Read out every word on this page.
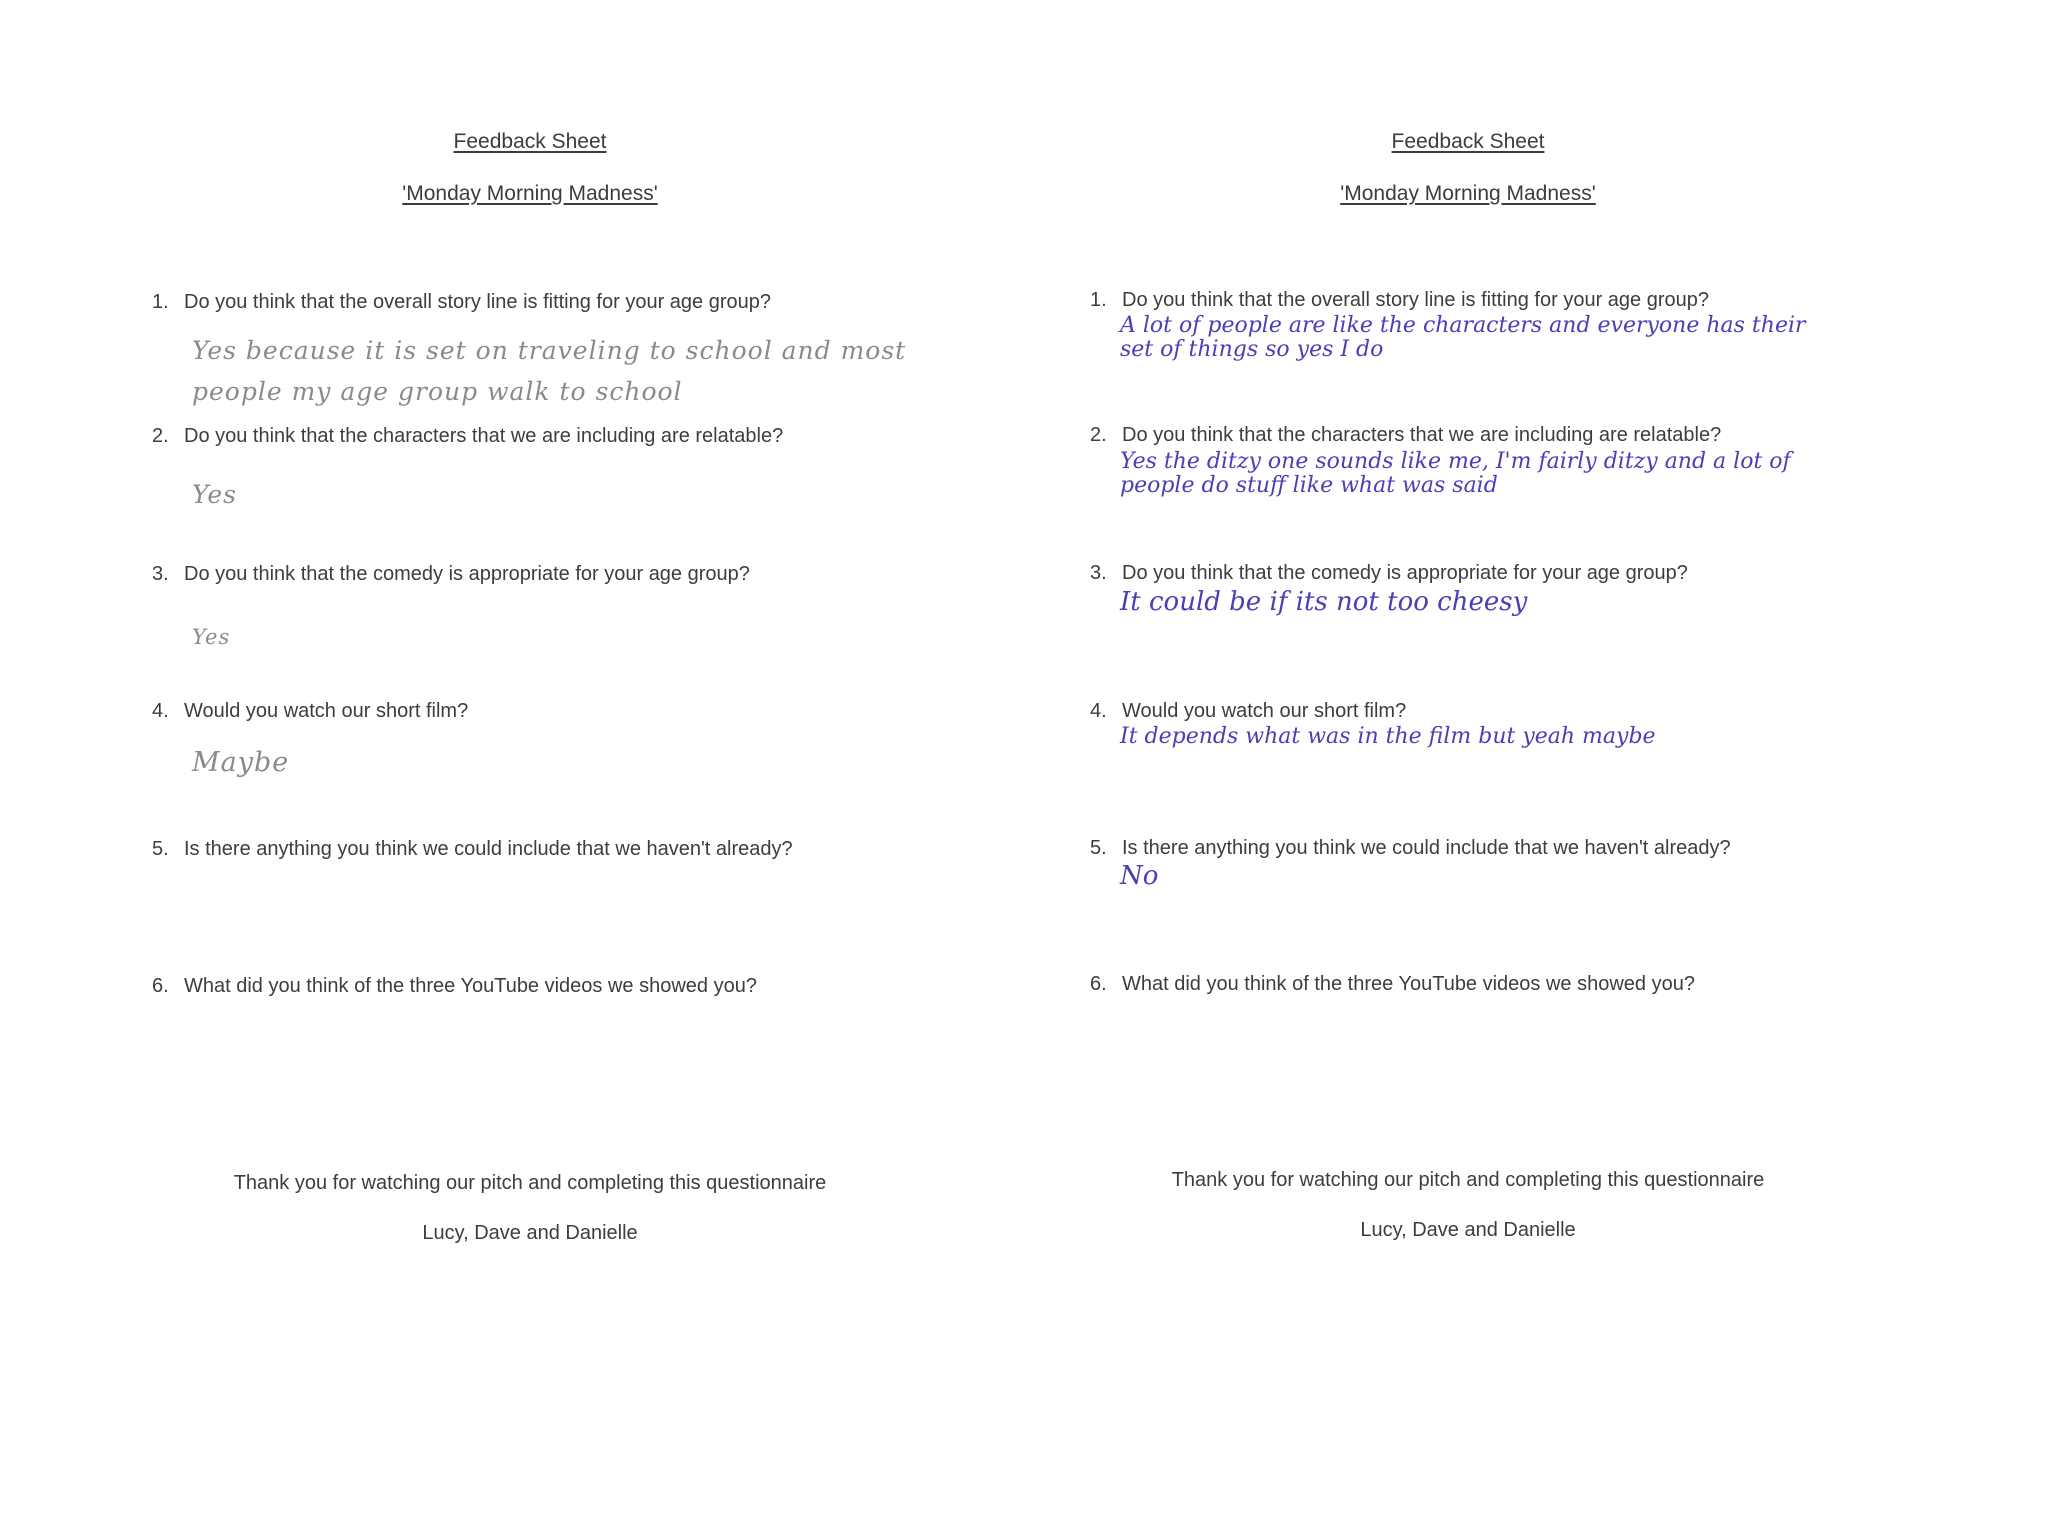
Feedback Sheet
'Monday Morning Madness'
1. Do you think that the overall story line is fitting for your age group?
Yes because it is set on traveling to school and most people my age group walk to school
2. Do you think that the characters that we are including are relatable?
Yes
3. Do you think that the comedy is appropriate for your age group?
Yes
4. Would you watch our short film?
Maybe
5. Is there anything you think we could include that we haven't already?
6. What did you think of the three YouTube videos we showed you?
Thank you for watching our pitch and completing this questionnaire
Lucy, Dave and Danielle
Feedback Sheet
'Monday Morning Madness'
1. Do you think that the overall story line is fitting for your age group?
A lot of people are like the characters and everyone has their set of things so yes I do
2. Do you think that the characters that we are including are relatable?
Yes the ditzy one sounds like me, I'm fairly ditzy and a lot of people do stuff like what was said
3. Do you think that the comedy is appropriate for your age group?
It could be if its not too cheesy
4. Would you watch our short film?
It depends what was in the film but yeah maybe
5. Is there anything you think we could include that we haven't already?
No
6. What did you think of the three YouTube videos we showed you?
Thank you for watching our pitch and completing this questionnaire
Lucy, Dave and Danielle
